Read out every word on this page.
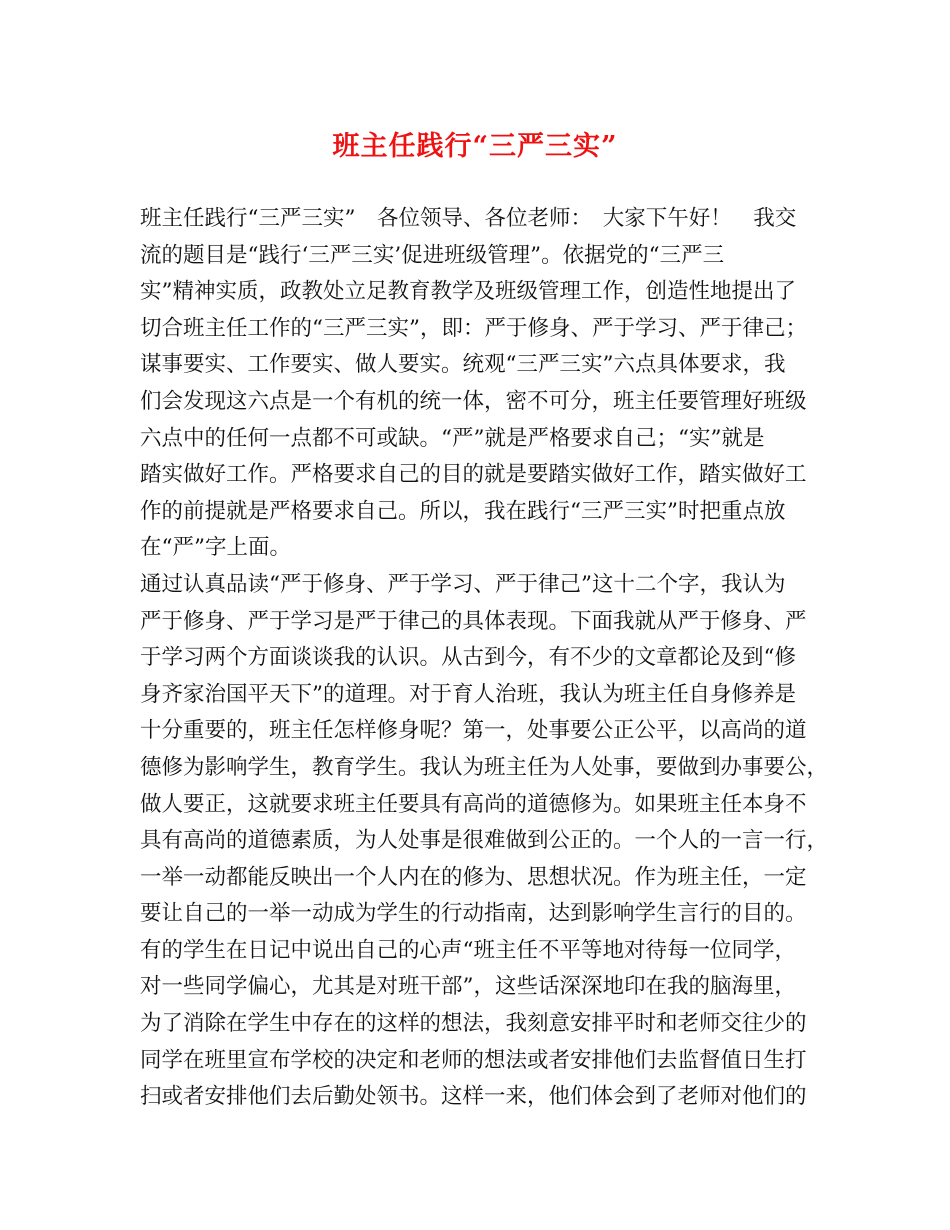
班主任践行“三严三实”
班主任践行“三严三实”　各位领导、各位老师：　大家下午好！　我交
流的题目是“践行‘三严三实’促进班级管理”。依据党的“三严三
实”精神实质，政教处立足教育教学及班级管理工作，创造性地提出了
切合班主任工作的“三严三实”，即：严于修身、严于学习、严于律己；
谋事要实、工作要实、做人要实。统观“三严三实”六点具体要求，我
们会发现这六点是一个有机的统一体，密不可分，班主任要管理好班级
六点中的任何一点都不可或缺。“严”就是严格要求自己；“实”就是
踏实做好工作。严格要求自己的目的就是要踏实做好工作，踏实做好工
作的前提就是严格要求自己。所以，我在践行“三严三实”时把重点放
在“严”字上面。
通过认真品读“严于修身、严于学习、严于律己”这十二个字，我认为
严于修身、严于学习是严于律己的具体表现。下面我就从严于修身、严
于学习两个方面谈谈我的认识。从古到今，有不少的文章都论及到“修
身齐家治国平天下”的道理。对于育人治班，我认为班主任自身修养是
十分重要的，班主任怎样修身呢？第一，处事要公正公平，以高尚的道
德修为影响学生，教育学生。我认为班主任为人处事，要做到办事要公，
做人要正，这就要求班主任要具有高尚的道德修为。如果班主任本身不
具有高尚的道德素质，为人处事是很难做到公正的。一个人的一言一行，
一举一动都能反映出一个人内在的修为、思想状况。作为班主任，一定
要让自己的一举一动成为学生的行动指南，达到影响学生言行的目的。
有的学生在日记中说出自己的心声“班主任不平等地对待每一位同学，
对一些同学偏心，尤其是对班干部”，这些话深深地印在我的脑海里，
为了消除在学生中存在的这样的想法，我刻意安排平时和老师交往少的
同学在班里宣布学校的决定和老师的想法或者安排他们去监督值日生打
扫或者安排他们去后勤处领书。这样一来，他们体会到了老师对他们的
